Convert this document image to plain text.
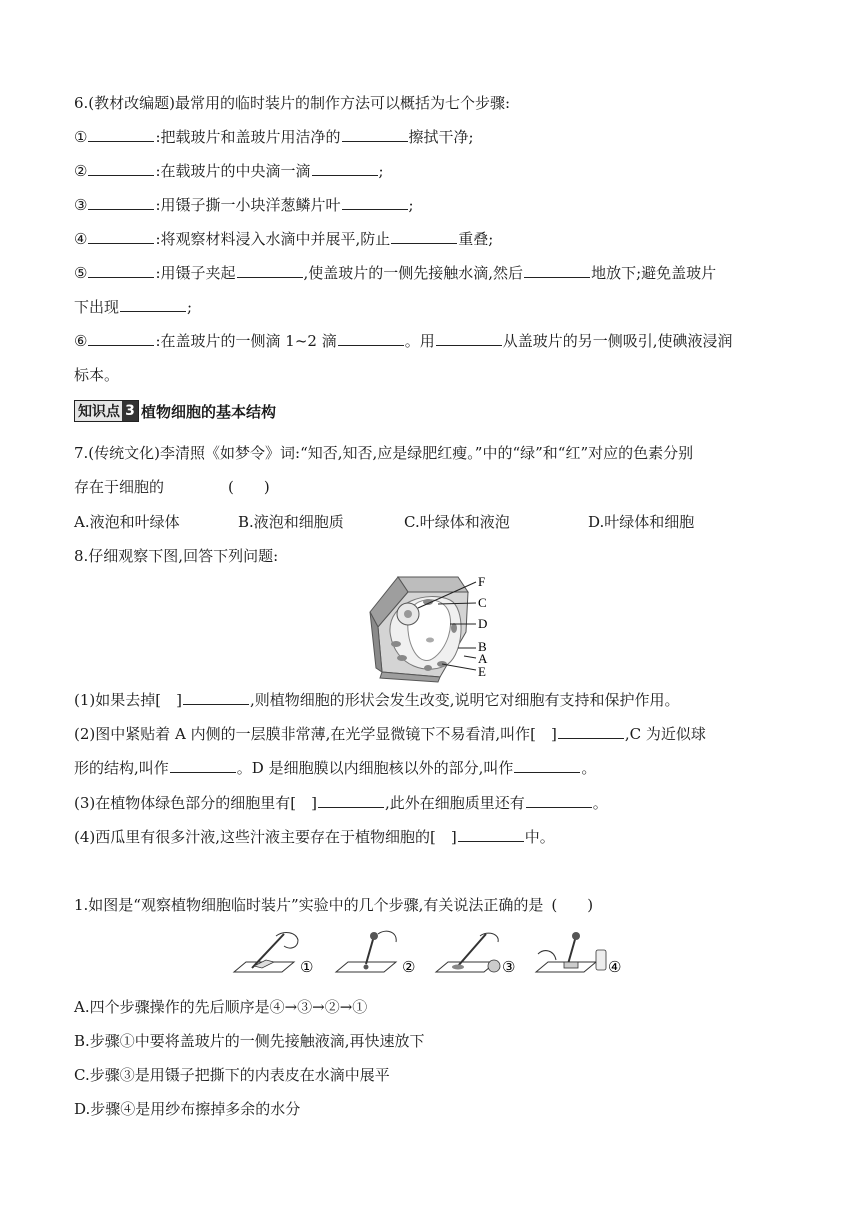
6.(教材改编题)最常用的临时装片的制作方法可以概括为七个步骤:
①	:把载玻片和盖玻片用洁净的	擦拭干净;
②	:在载玻片的中央滴一滴	;
③	:用镊子撕一小块洋葱鳞片叶	;
④	:将观察材料浸入水滴中并展平,防止	重叠;
⑤	:用镊子夹起	,使盖玻片的一侧先接触水滴,然后	地放下;避免盖玻片
下出现	;
⑥	:在盖玻片的一侧滴 1~2 滴	。用	从盖玻片的另一侧吸引,使碘液浸润
标本。
知识点 3 植物细胞的基本结构
7.(传统文化)李清照《如梦令》词:“知否,知否,应是绿肥红瘦。”中的“绿”和“红”对应的色素分别
存在于细胞的	(　　)
A.液泡和叶绿体	B.液泡和细胞质	C.叶绿体和液泡	D.叶绿体和细胞
8.仔细观察下图,回答下列问题:
F
C
D
B
A
E
(1)如果去掉[　]	,则植物细胞的形状会发生改变,说明它对细胞有支持和保护作用。
(2)图中紧贴着 A 内侧的一层膜非常薄,在光学显微镜下不易看清,叫作[　]	,C 为近似球
形的结构,叫作	。D 是细胞膜以内细胞核以外的部分,叫作	。
(3)在植物体绿色部分的细胞里有[　]	,此外在细胞质里还有	。
(4)西瓜里有很多汁液,这些汁液主要存在于植物细胞的[　]	中。
1.如图是“观察植物细胞临时装片”实验中的几个步骤,有关说法正确的是 (　　)
①	②	③	④
A.四个步骤操作的先后顺序是④→③→②→①
B.步骤①中要将盖玻片的一侧先接触液滴,再快速放下
C.步骤③是用镊子把撕下的内表皮在水滴中展平
D.步骤④是用纱布擦掉多余的水分
